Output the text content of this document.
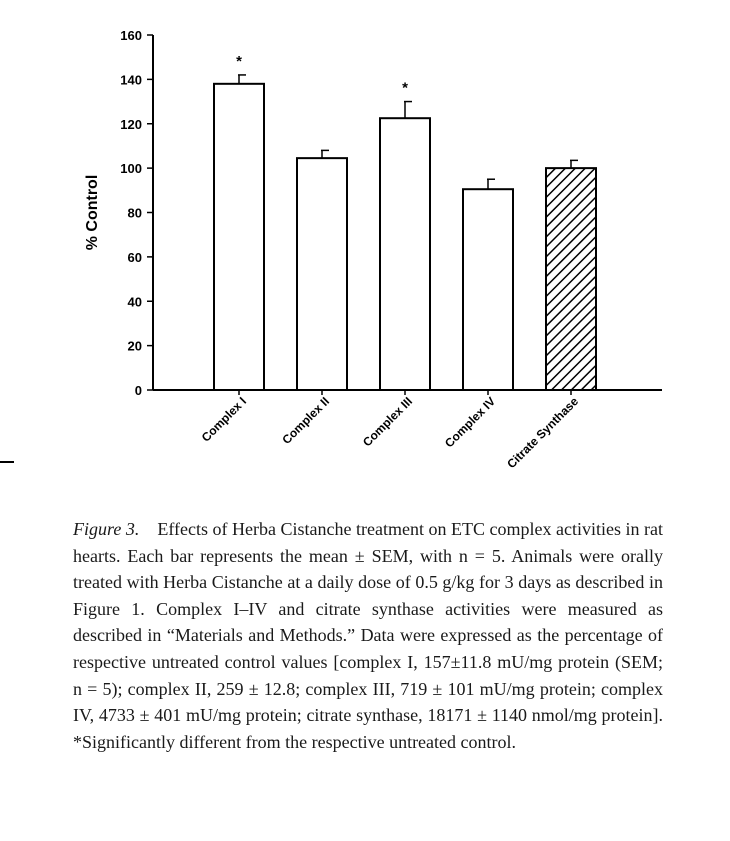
0
20
40
60
80
100
120
140
160
% Control
*
Complex I	Complex II
*
Complex III Complex IV Citrate Synthase
Figure 3. Effects of Herba Cistanche treatment on ETC complex activities in rat hearts. Each bar represents the mean ± SEM, with n = 5. Animals were orally treated with Herba Cistanche at a daily dose of 0.5 g/kg for 3 days as described in Figure 1. Complex I–IV and citrate synthase activities were measured as described in “Materials and Methods.” Data were expressed as the percentage of respective untreated control values [complex I, 157±11.8 mU/mg protein (SEM; n = 5); complex II, 259 ± 12.8; complex III, 719 ± 101 mU/mg protein; complex IV, 4733 ± 401 mU/mg protein; citrate synthase, 18171 ± 1140 nmol/mg protein]. *Significantly different from the respective untreated control.
